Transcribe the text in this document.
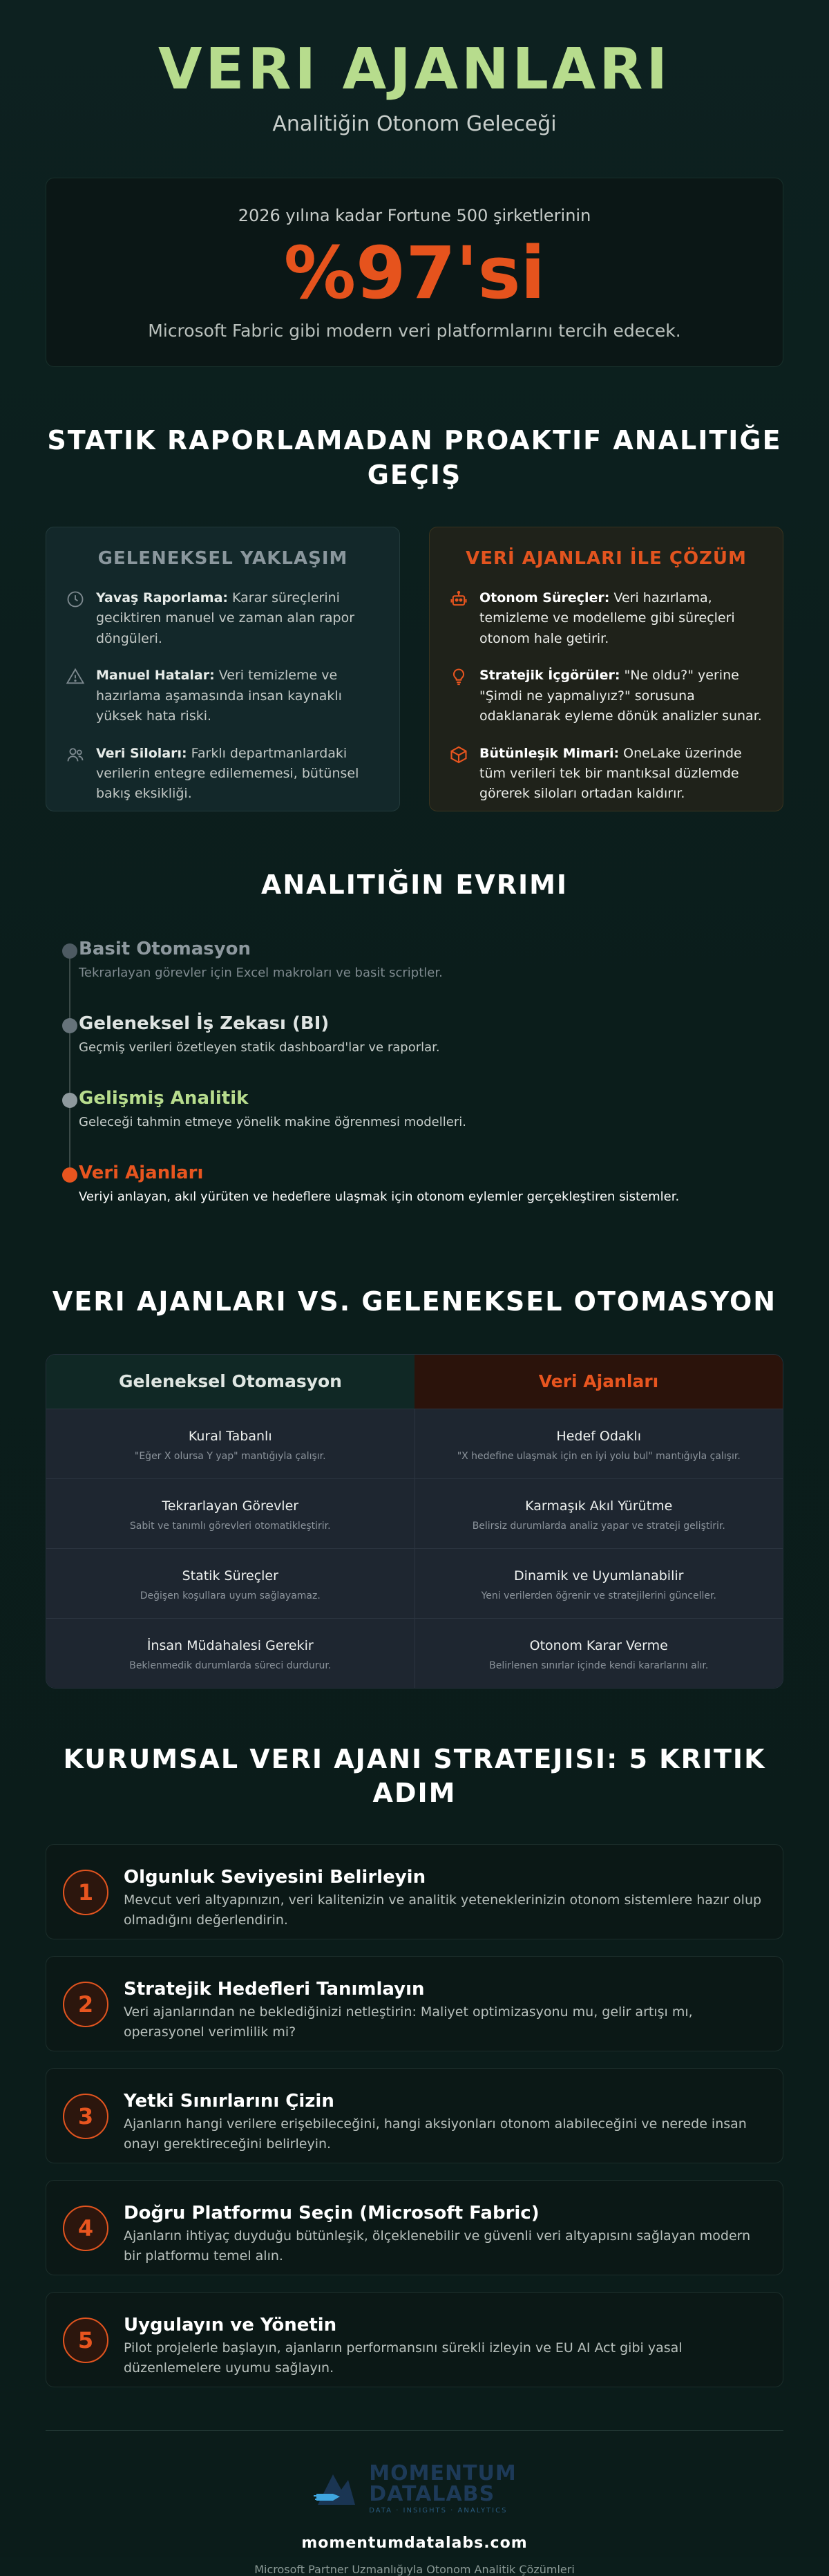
VERI AJANLARI
Analitiğin Otonom Geleceği
2026 yılına kadar Fortune 500 şirketlerinin
%97'si
Microsoft Fabric gibi modern veri platformlarını tercih edecek.
STATIK RAPORLAMADAN PROAKTIF ANALITIĞE GEÇIŞ
GELENEKSEL YAKLAŞIM

Yavaş Raporlama: Karar süreçlerini geciktiren manuel ve zaman alan rapor döngüleri.

Manuel Hatalar: Veri temizleme ve hazırlama aşamasında insan kaynaklı yüksek hata riski.

Veri Siloları: Farklı departmanlardaki verilerin entegre edilememesi, bütünsel bakış eksikliği.

VERİ AJANLARI İLE ÇÖZÜM

Otonom Süreçler: Veri hazırlama, temizleme ve modelleme gibi süreçleri otonom hale getirir.

Stratejik İçgörüler: "Ne oldu?" yerine "Şimdi ne yapmalıyız?" sorusuna odaklanarak eyleme dönük analizler sunar.

Bütünleşik Mimari: OneLake üzerinde tüm verileri tek bir mantıksal düzlemde görerek siloları ortadan kaldırır.

ANALITIĞIN EVRIMI
Basit Otomasyon
Tekrarlayan görevler için Excel makroları ve basit scriptler.
Geleneksel İş Zekası (BI)
Geçmiş verileri özetleyen statik dashboard'lar ve raporlar.
Gelişmiş Analitik
Geleceği tahmin etmeye yönelik makine öğrenmesi modelleri.
Veri Ajanları
Veriyi anlayan, akıl yürüten ve hedeflere ulaşmak için otonom eylemler gerçekleştiren sistemler.
VERI AJANLARI VS. GELENEKSEL OTOMASYON
Geleneksel Otomasyon	Veri Ajanları
Kural Tabanlı
"Eğer X olursa Y yap" mantığıyla çalışır.
Hedef Odaklı
"X hedefine ulaşmak için en iyi yolu bul" mantığıyla çalışır.
Tekrarlayan Görevler
Sabit ve tanımlı görevleri otomatikleştirir.
Karmaşık Akıl Yürütme
Belirsiz durumlarda analiz yapar ve strateji geliştirir.
Statik Süreçler
Değişen koşullara uyum sağlayamaz.
Dinamik ve Uyumlanabilir
Yeni verilerden öğrenir ve stratejilerini günceller.
İnsan Müdahalesi Gerekir
Beklenmedik durumlarda süreci durdurur.
Otonom Karar Verme
Belirlenen sınırlar içinde kendi kararlarını alır.
KURUMSAL VERI AJANI STRATEJISI: 5 KRITIK ADIM
1
Olgunluk Seviyesini Belirleyin

Mevcut veri altyapınızın, veri kalitenizin ve analitik yeteneklerinizin otonom sistemlere hazır olup olmadığını değerlendirin.

2
Stratejik Hedefleri Tanımlayın

Veri ajanlarından ne beklediğinizi netleştirin: Maliyet optimizasyonu mu, gelir artışı mı, operasyonel verimlilik mi?

3
Yetki Sınırlarını Çizin

Ajanların hangi verilere erişebileceğini, hangi aksiyonları otonom alabileceğini ve nerede insan onayı gerektireceğini belirleyin.

4
Doğru Platformu Seçin (Microsoft Fabric)

Ajanların ihtiyaç duyduğu bütünleşik, ölçeklenebilir ve güvenli veri altyapısını sağlayan modern bir platformu temel alın.

5
Uygulayın ve Yönetin

Pilot projelerle başlayın, ajanların performansını sürekli izleyin ve EU AI Act gibi yasal düzenlemelere uyumu sağlayın.

MOMENTUM
DATALABS
DATA · INSIGHTS · ANALYTICS
momentumdatalabs.com
Microsoft Partner Uzmanlığıyla Otonom Analitik Çözümleri
